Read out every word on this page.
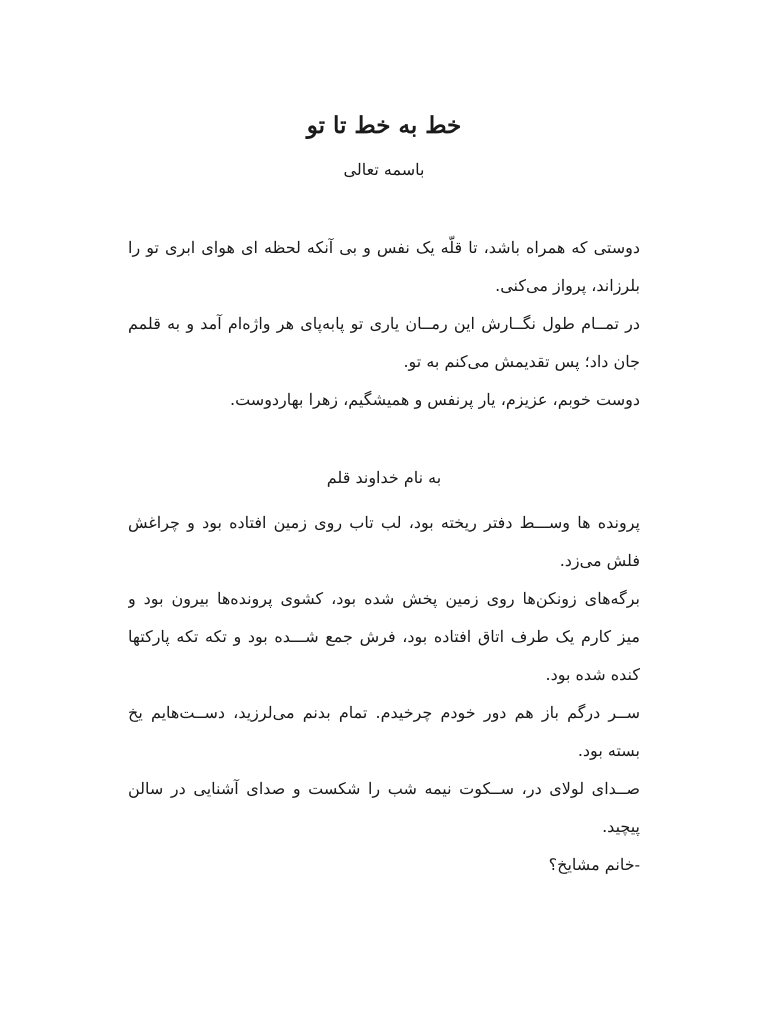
خط به خط تا تو
باسمه تعالی
دوستی که همراه باشد، تا قلّه یک نفس و بی آنکه لحظه ای هوای ابری تو را
بلرزاند، پرواز می‌کنی.
در تمــام طول نگــارش این رمــان یاری تو پابه‌پای هر واژه‌ام آمد و به قلمم
جان داد؛ پس تقدیمش می‌کنم به تو.
دوست خوبم، عزیزم، یار پرنفس و همیشگیم، زهرا بهاردوست.
به نام خداوند قلم
پرونده ها وســـط دفتر ریخته بود، لب تاب روی زمین افتاده بود و چراغش
فلش می‌زد.
برگه‌های زونکن‌ها روی زمین پخش شده بود، کشوی پرونده‌ها بیرون بود و
میز کارم یک طرف اتاق افتاده بود، فرش جمع شـــده بود و تکه تکه پارکتها
کنده شده بود.
ســر درگم باز هم دور خودم چرخیدم. تمام بدنم می‌لرزید، دســت‌هایم یخ
بسته بود.
صــدای لولای در، ســکوت نیمه شب را شکست و صدای آشنایی در سالن
پیچید.
-خانم مشایخ؟
